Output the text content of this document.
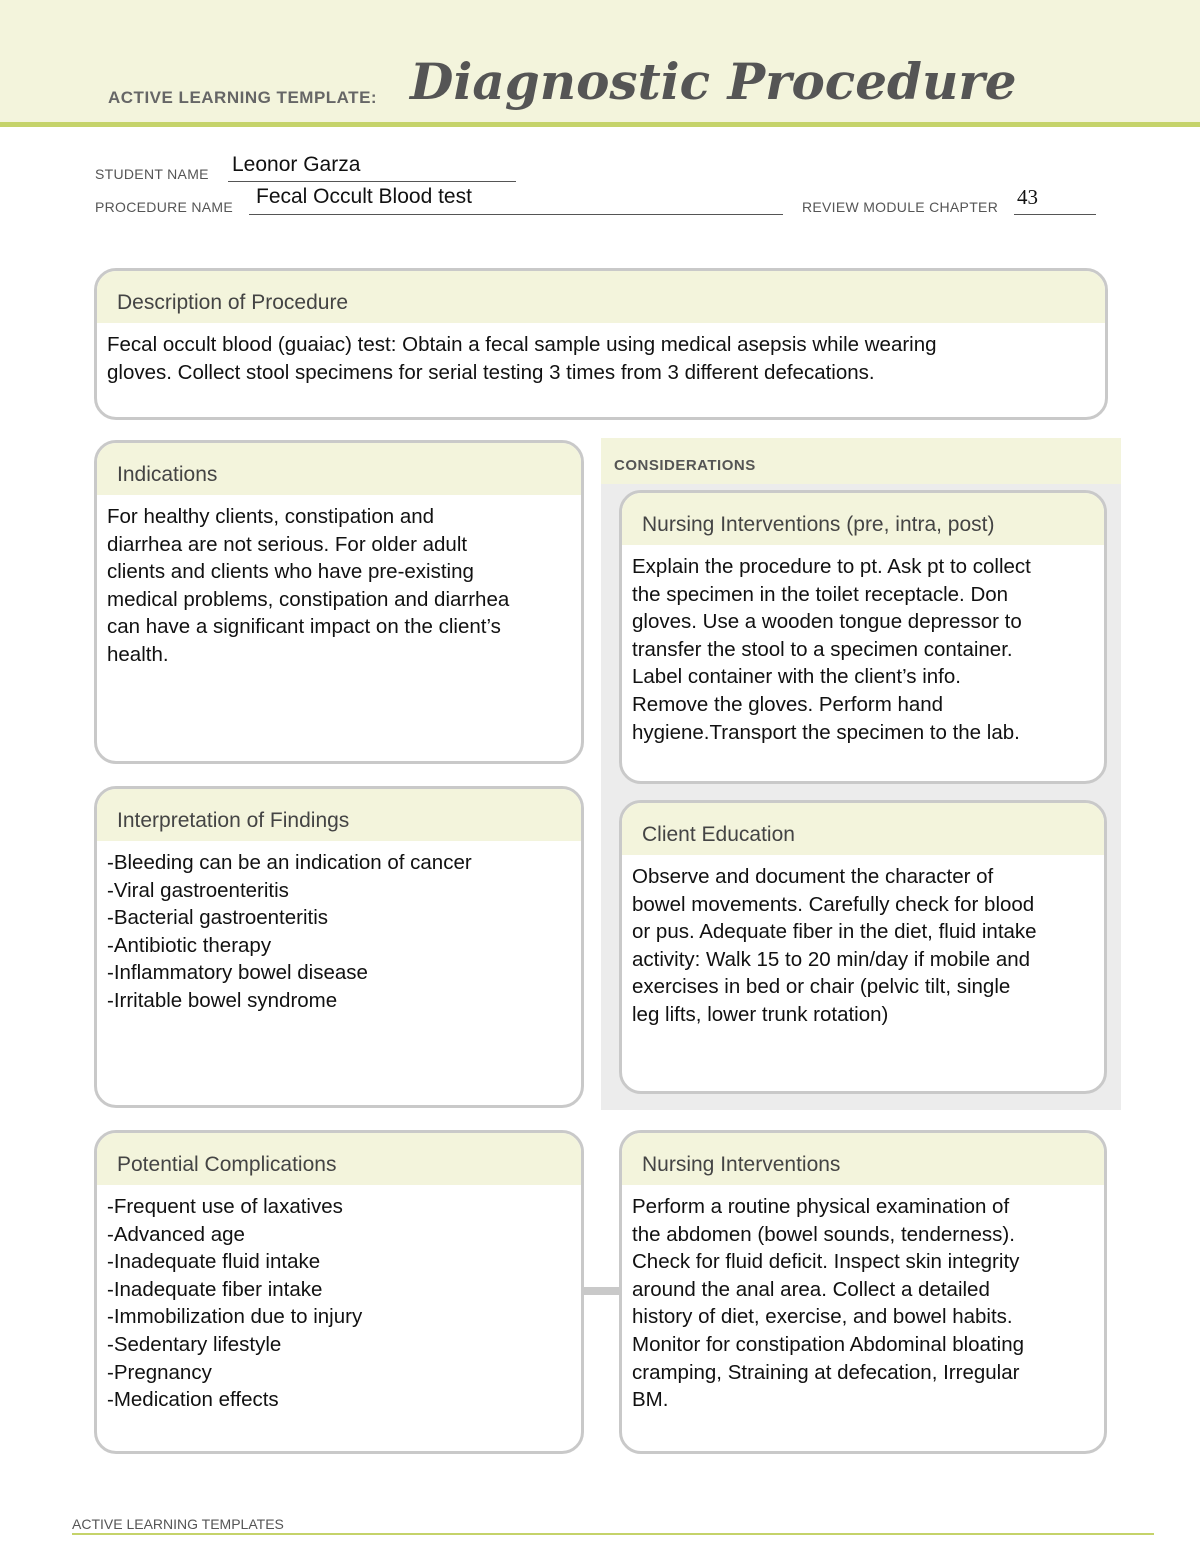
ACTIVE LEARNING TEMPLATE: Diagnostic Procedure
STUDENT NAME Leonor Garza
PROCEDURE NAME Fecal Occult Blood test	REVIEW MODULE CHAPTER 43
Description of Procedure
Fecal occult blood (guaiac) test: Obtain a fecal sample using medical asepsis while wearing
gloves. Collect stool specimens for serial testing 3 times from 3 different defecations.
CONSIDERATIONS
Indications
For healthy clients, constipation and
diarrhea are not serious. For older adult
clients and clients who have pre-existing
medical problems, constipation and diarrhea
can have a significant impact on the client’s
health.
Nursing Interventions (pre, intra, post)
Explain the procedure to pt. Ask pt to collect
the specimen in the toilet receptacle. Don
gloves. Use a wooden tongue depressor to
transfer the stool to a specimen container.
Label container with the client’s info.
Remove the gloves. Perform hand
hygiene.Transport the specimen to the lab.
Interpretation of Findings
-Bleeding can be an indication of cancer
-Viral gastroenteritis
-Bacterial gastroenteritis
-Antibiotic therapy
-Inflammatory bowel disease
-Irritable bowel syndrome
Client Education
Observe and document the character of
bowel movements. Carefully check for blood
or pus. Adequate fiber in the diet, fluid intake
activity: Walk 15 to 20 min/day if mobile and
exercises in bed or chair (pelvic tilt, single
leg lifts, lower trunk rotation)
Potential Complications
-Frequent use of laxatives
-Advanced age
-Inadequate fluid intake
-Inadequate fiber intake
-Immobilization due to injury
-Sedentary lifestyle
-Pregnancy
-Medication effects
Nursing Interventions
Perform a routine physical examination of
the abdomen (bowel sounds, tenderness).
Check for fluid deficit. Inspect skin integrity
around the anal area. Collect a detailed
history of diet, exercise, and bowel habits.
Monitor for constipation Abdominal bloating
cramping, Straining at defecation, Irregular
BM.
ACTIVE LEARNING TEMPLATES
